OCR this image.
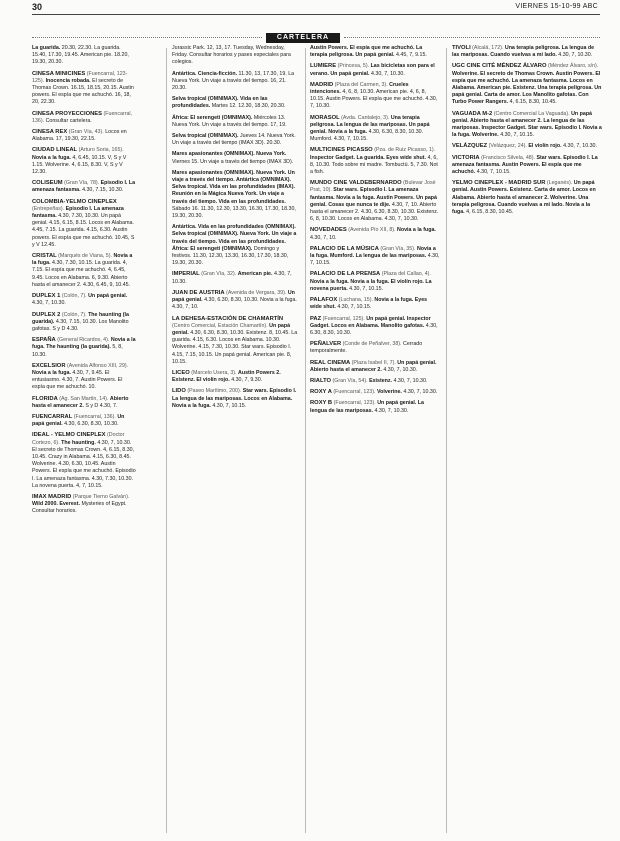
30	VIERNES 15-10-99 ABC
CARTELERA
La guarida. 20.30, 22.30. La guarida. 15.40, 17.30, 19.45. American pie. 18.20, 19.30, 20.30.
CINESA MINICINES (Fuencarral, 123-125). Inocencia robada. El secreto de Thomas Crown. 16.15, 18.15, 20.15. Austin powers. El espía que me achuchó. 16, 18, 20, 22.30.
CINESA PROYECCIONES (Fuencarral, 136). Consultar cartelera.
CINESA REX (Gran Vía, 43). Locos en Alabama. 17, 19.30, 22.15.
CIUDAD LINEAL (Arturo Soria, 165). Novia a la fuga. 4, 6.45, 10.15. V, S y V 1.15. Wolverine. 4, 6.15, 8.30. V, S y V 12.30.
COLISEUM (Gran Vía, 78). Episodio I. La amenaza fantasma. 4.30, 7.15, 10.30.
COLOMBIA-YELMO CINEPLEX (Entrepeñas). Episodio I. La amenaza fantasma. 4.30, 7.30, 10.30. Un papá genial. 4.15, 6.15, 8.15. Locos en Alabama. 4.45, 7.15. La guarida. 4.15, 6.30. Austin powers. El espía que me achuchó. 10.45, S y V 12.45.
CRISTAL (Marqués de Viana, 5). Novia a la fuga. 4.30, 7.30, 10.15. La guarida. 4, 7.15. El espía que me achuchó. 4, 6.45, 9.45. Locos en Alabama. 6, 9.30. Abierto hasta el amanecer 2. 4.30, 6.45, 9, 10.45.
DUPLEX 1 (Colón, 7). Un papá genial. 4.30, 7, 10.30.
DUPLEX 2 (Colón, 7). The haunting (la guarida). 4.30, 7.15, 10.30. Los Manolito gafotas. S y D 4.30.
ESPAÑA (General Ricardos, 4). Novia a la fuga. The haunting (la guarida). 5, 8, 10.30.
EXCELSIOR (Avenida Alfonso XIII, 29). Novia a la fuga. 4.30, 7, 9.45. El entusiasmo. 4.30, 7. Austin Powers. El espía que me achuchó. 10.
FLORIDA (Ag. San Martín, 14). Abierto hasta el amanecer 2. S y D 4.30, 7.
FUENCARRAL (Fuencarral, 136). Un papá genial. 4.30, 6.30, 8.30, 10.30.
IDEAL - YELMO CINEPLEX (Doctor Cortezo, 6). The haunting. 4.30, 7, 10.30. El secreto de Thomas Crown. 4, 6.15, 8.30, 10.45. Crazy in Alabama. 4.15, 6.30, 8.45. Wolverine. 4.30, 6.30, 10.45. Austin Powers. El espía que me achuchó. Episodio I. La amenaza fantasma. 4.30, 7.30, 10.30. La novena puerta. 4, 7, 10.15.
IMAX MADRID (Parque Tierno Galván). Wild 2000. Everest. Mysteries of Egypt. Consultar horarios.
Jurassic Park. 12, 13, 17. Tuesday, Wednesday, Friday. Consultar horarios y pases especiales para colegios.
Antártica. Ciencia-ficción. 11.30, 13, 17.30, 19. La Nueva York. Un viaje a través del tiempo. 16, 21. 20.30.
Selva tropical (OMNIMAX). Vida en las profundidades. Martes 12. 12.30, 18.30, 20.30.
África: El serengeti (OMNIMAX). Miércoles 13. Nueva York. Un viaje a través del tiempo. 17, 19.
Selva tropical (OMNIMAX). Jueves 14. Nueva York. Un viaje a través del tiempo (IMAX 3D). 20.30.
Mares apasionantes (OMNIMAX). Nueva York. Viernes 15. Un viaje a través del tiempo (IMAX 3D).
Mares apasionantes (OMNIMAX). Nueva York. Un viaje a través del tiempo. Antártica (OMNIMAX). Selva tropical. Vida en las profundidades (IMAX). Reunión en la Mágica Nueva York. Un viaje a través del tiempo. Vida en las profundidades. Sábado 16. 11.30, 12.30, 13.30, 16.30, 17.30, 18.30, 19.30, 20.30.
Antártica. Vida en las profundidades (OMNIMAX). Selva tropical (OMNIMAX). Nueva York. Un viaje a través del tiempo. Vida en las profundidades. África: El serengeti (OMNIMAX). Domingo y festivos. 11.30, 12.30, 13.30, 16.30, 17.30, 18.30, 19.30, 20.30.
IMPERIAL (Gran Vía, 32). American pie. 4.30, 7, 10.30.
JUAN DE AUSTRIA (Avenida de Vergara, 39). Un papá genial. 4.30, 6.30, 8.30, 10.30. Novia a la fuga. 4.30, 7, 10.
LA DEHESA-ESTACIÓN DE CHAMARTÍN (Centro Comercial, Estación Chamartín). Un papá genial. 4.30, 6.30, 8.30, 10.30. Existenz. 8, 10.45. La guarida. 4.15, 6.30. Locos en Alabama. 10.30. Wolverine. 4.15, 7.30, 10.30. Star wars. Episodio I. 4.15, 7.15, 10.15. Un papá genial. American pie. 8, 10.15.
LICEO (Marcelo Usera, 3). Austin Powers 2. Existenz. El violín rojo. 4.30, 7, 9.30.
LIDO (Paseo Marítimo, 200). Star wars. Episodio I. La lengua de las mariposas. Locos en Alabama. Novia a la fuga. 4.30, 7, 10.15.
Austin Powers. El espía que me achuchó. La terapia peligrosa. Un papá genial. 4.45, 7, 9.15.
LUMIERE (Princesa, 5). Las bicicletas son para el verano. Un papá genial. 4.30, 7, 10.30.
MADRID (Plaza del Carmen, 3). Crueles intenciones. 4, 6, 8, 10.30. American pie. 4, 6, 8, 10.15. Austin Powers. El espía que me achuchó. 4.30, 7, 10.30.
MORASOL (Avda. Cantalejo, 3). Una terapia peligrosa. La lengua de las mariposas. Un papá genial. Novia a la fuga. 4.30, 6.30, 8.30, 10.30. Mumford. 4.30, 7, 10.15.
MULTICINES PICASSO (Pza. de Ruiz Picasso, 1). Inspector Gadget. La guarida. Eyes wide shut. 4, 6, 8, 10.30. Todo sobre mi madre. Tombuctú. 5, 7.30. Not a fish.
MUNDO CINE VALDEBERNARDO (Bulevar José Prat, 10). Star wars. Episodio I. La amenaza fantasma. Novia a la fuga. Austin Powers. Un papá genial. Cosas que nunca te dije. 4.30, 7, 10. Abierto hasta el amanecer 2. 4.30, 6.30, 8.30, 10.30. Existenz. 6, 8, 10.30. Locos en Alabama. 4.30, 7, 10.30.
NOVEDADES (Avenida Pío XII, 8). Novia a la fuga. 4.30, 7, 10.
PALACIO DE LA MÚSICA (Gran Vía, 35). Novia a la fuga. Mumford. La lengua de las mariposas. 4.30, 7, 10.15.
PALACIO DE LA PRENSA (Plaza del Callao, 4). Novia a la fuga. Novia a la fuga. El violín rojo. La novena puerta. 4.30, 7, 10.15.
PALAFOX (Luchana, 15). Novia a la fuga. Eyes wide shut. 4.30, 7, 10.15.
PAZ (Fuencarral, 125). Un papá genial. Inspector Gadget. Locos en Alabama. Manolito gafotas. 4.30, 6.30, 8.30, 10.30.
PEÑALVER (Conde de Peñalver, 38). Cerrado temporalmente.
REAL CINEMA (Plaza Isabel II, 7). Un papá genial. Abierto hasta el amanecer 2. 4.30, 7, 10.30.
RIALTO (Gran Vía, 54). Existenz. 4.30, 7, 10.30.
ROXY A (Fuencarral, 123). Volverine. 4.30, 7, 10.30.
ROXY B (Fuencarral, 123). Un papá genial. La lengua de las mariposas. 4.30, 7, 10.30.
TÍVOLI (Alcalá, 172). Una terapia peligrosa. La lengua de las mariposas. Cuando vuelvas a mi lado. 4.30, 7, 10.30.
UGC CINE CITÉ MÉNDEZ ÁLVARO (Méndez Álvaro, s/n). Wolverine. El secreto de Thomas Crown. Austin Powers. El espía que me achuchó. La amenaza fantasma. Locos en Alabama. American pie. Existenz. Una terapia peligrosa. Un papá genial. Carta de amor. Los Manolito gafotas. Con Turbo Power Rangers. 4, 6.15, 8.30, 10.45.
VAGUADA M-2 (Centro Comercial La Vaguada). Un papá genial. Abierto hasta el amanecer 2. La lengua de las mariposas. Inspector Gadget. Star wars. Episodio I. Novia a la fuga. Wolverine. 4.30, 7, 10.15.
VELÁZQUEZ (Velázquez, 24). El violín rojo. 4.30, 7, 10.30.
VICTORIA (Francisco Silvela, 48). Star wars. Episodio I. La amenaza fantasma. Austin Powers. El espía que me achuchó. 4.30, 7, 10.15.
YELMO CINEPLEX - MADRID SUR (Leganés). Un papá genial. Austin Powers. Existenz. Carta de amor. Locos en Alabama. Abierto hasta el amanecer 2. Wolverine. Una terapia peligrosa. Cuando vuelvas a mi lado. Novia a la fuga. 4, 6.15, 8.30, 10.45.
